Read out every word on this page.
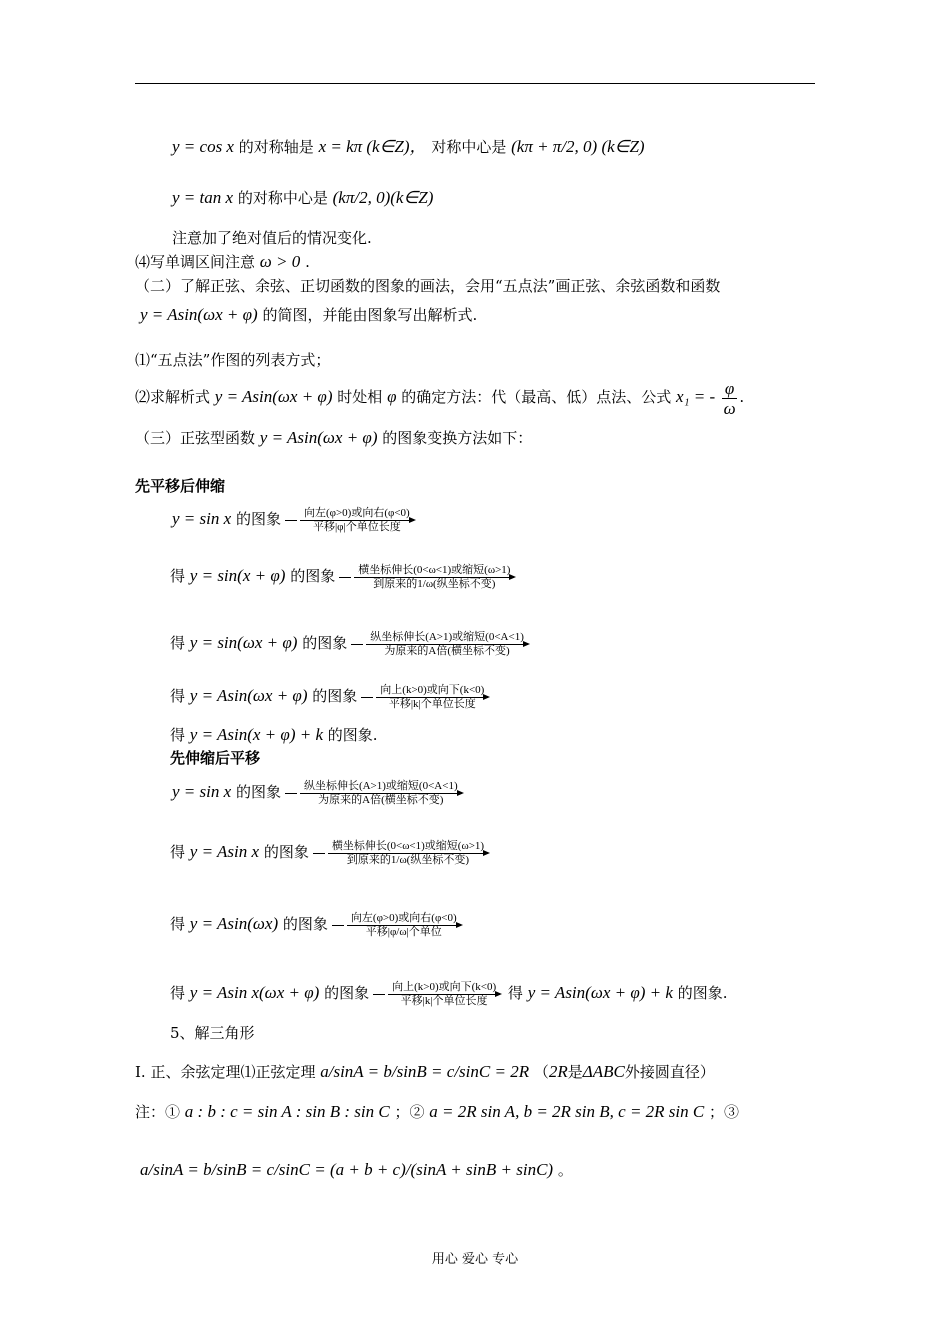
y = cos x 的对称轴是 x = kπ (k∈Z)， 对称中心是 (kπ + π/2, 0) (k∈Z)
y = tan x 的对称中心是 (kπ/2, 0)(k∈Z)
注意加了绝对值后的情况变化.
⑷写单调区间注意 ω > 0 .
（二）了解正弦、余弦、正切函数的图象的画法，会用“五点法”画正弦、余弦函数和函数
y = Asin(ωx + φ) 的简图，并能由图象写出解析式.
⑴“五点法”作图的列表方式；
⑵求解析式 y = Asin(ωx + φ) 时处相 φ 的确定方法：代（最高、低）点法、公式 x₁ = - $\frac{\varphi}{\omega}$ .
（三）正弦型函数 y = Asin(ωx + φ) 的图象变换方法如下：
先平移后伸缩
y = sin x 的图象	向左(φ>0)或向右(φ<0)
平移|φ|个单位长度
得 y = sin(x + φ) 的图象	横坐标伸长(0<ω<1)或缩短(ω>1)
到原来的1/ω(纵坐标不变)
得 y = sin(ωx + φ) 的图象	纵坐标伸长(A>1)或缩短(0<A<1)
为原来的A倍(横坐标不变)
得 y = Asin(ωx + φ) 的图象	向上(k>0)或向下(k<0)
平移|k|个单位长度
得 y = Asin(x + φ) + k 的图象.
先伸缩后平移
y = sin x 的图象	纵坐标伸长(A>1)或缩短(0<A<1)
为原来的A倍(横坐标不变)
得 y = Asin x 的图象	横坐标伸长(0<ω<1)或缩短(ω>1)
到原来的1/ω(纵坐标不变)
得 y = Asin(ωx) 的图象	向左(φ>0)或向右(φ<0)
平移|φ/ω|个单位
得 y = Asin x(ωx + φ) 的图象	向上(k>0)或向下(k<0)
平移|k|个单位长度	得 y = Asin(ωx + φ) + k 的图象.
5、解三角形
Ⅰ. 正、余弦定理⑴正弦定理 a/sinA = b/sinB = c/sinC = 2R （2R是ΔABC外接圆直径）
注：① a : b : c = sin A : sin B : sin C ；② a = 2R sin A, b = 2R sin B, c = 2R sin C ；③
a/sinA = b/sinB = c/sinC = (a + b + c)/(sinA + sinB + sinC) 。
用心 爱心 专心
